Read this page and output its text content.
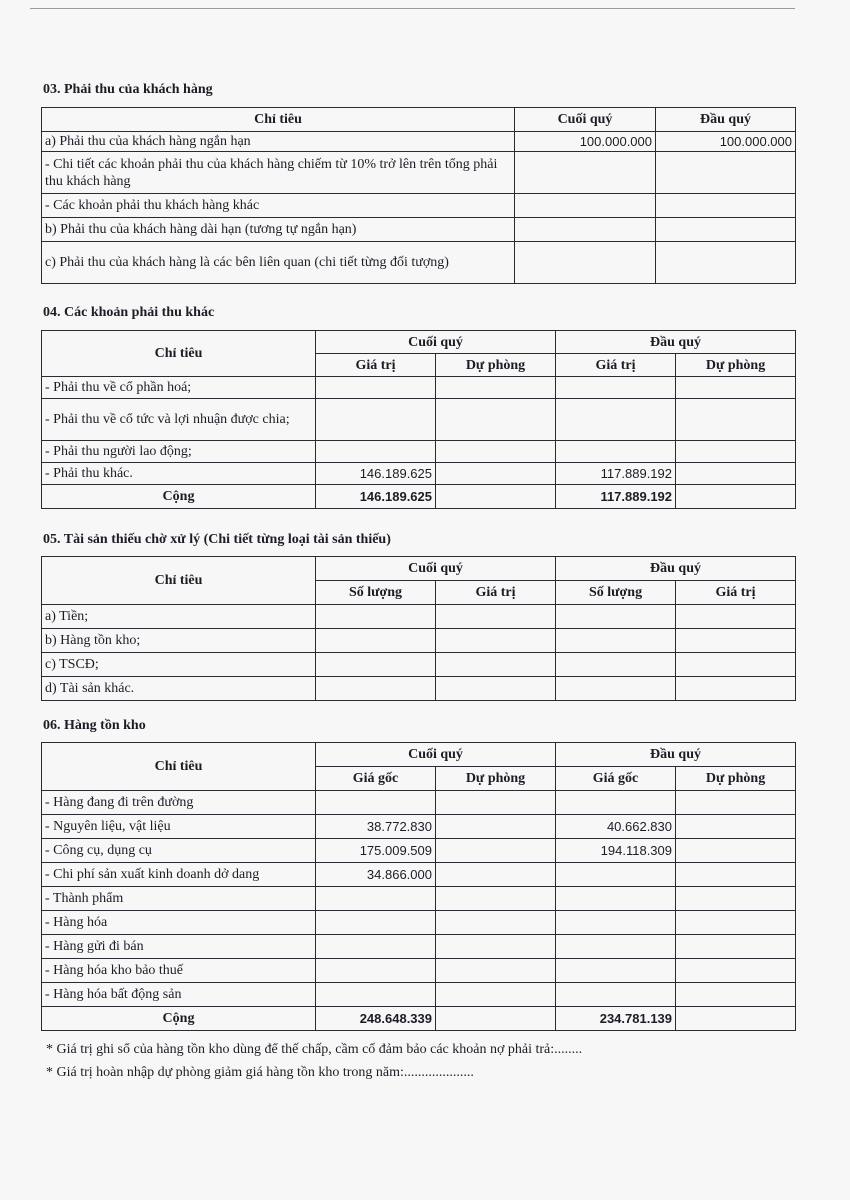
03. Phải thu của khách hàng
Chỉ tiêu	Cuối quý	Đầu quý
a) Phải thu của khách hàng ngắn hạn	100.000.000	100.000.000
- Chi tiết các khoản phải thu của khách hàng chiếm từ 10% trở lên trên tổng phải thu khách hàng		
- Các khoản phải thu khách hàng khác		
b) Phải thu của khách hàng dài hạn (tương tự ngắn hạn)		
c) Phải thu của khách hàng là các bên liên quan (chi tiết từng đối tượng)		
04. Các khoản phải thu khác
Chỉ tiêu	Cuối quý		Đầu quý	
	Giá trị	Dự phòng	Giá trị	Dự phòng
- Phải thu về cổ phần hoá;				
- Phải thu về cổ tức và lợi nhuận được chia;				
- Phải thu người lao động;				
- Phải thu khác.	146.189.625		117.889.192	
Cộng	146.189.625		117.889.192	
05. Tài sản thiếu chờ xử lý (Chi tiết từng loại tài sản thiếu)
Chỉ tiêu	Cuối quý		Đầu quý	
	Số lượng	Giá trị	Số lượng	Giá trị
a) Tiền;				
b) Hàng tồn kho;				
c) TSCĐ;				
d) Tài sản khác.				
06. Hàng tồn kho
Chỉ tiêu	Cuối quý		Đầu quý	
	Giá gốc	Dự phòng	Giá gốc	Dự phòng
- Hàng đang đi trên đường				
- Nguyên liệu, vật liệu	38.772.830		40.662.830	
- Công cụ, dụng cụ	175.009.509		194.118.309	
- Chi phí sản xuất kinh doanh dở dang	34.866.000			
- Thành phẩm				
- Hàng hóa				
- Hàng gửi đi bán				
- Hàng hóa kho bảo thuế				
- Hàng hóa bất động sản				
Cộng	248.648.339		234.781.139	
* Giá trị ghi sổ của hàng tồn kho dùng để thế chấp, cầm cố đảm bảo các khoản nợ phải trả:........
* Giá trị hoàn nhập dự phòng giảm giá hàng tồn kho trong năm:....................
